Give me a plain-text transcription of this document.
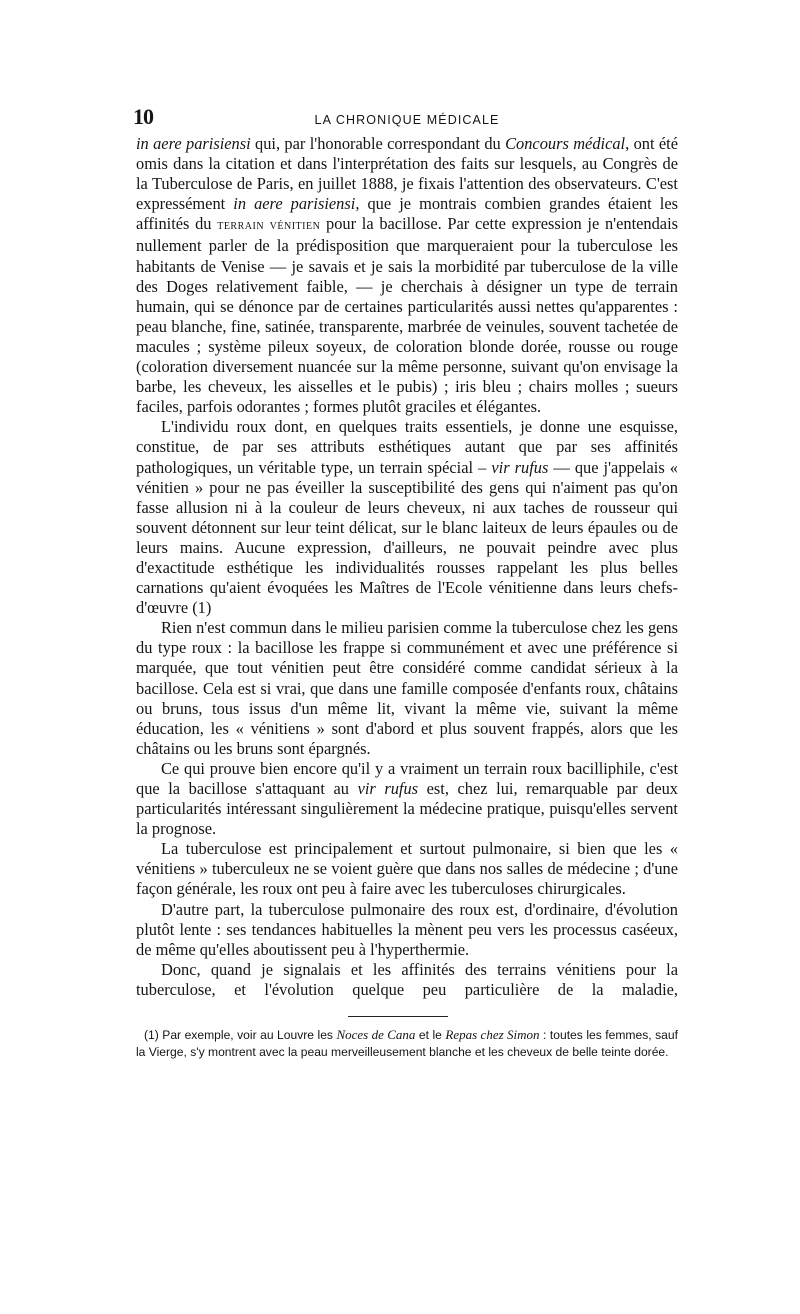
10	LA CHRONIQUE MÉDICALE

in aere parisiensi qui, par l'honorable correspondant du Concours médical, ont été omis dans la citation et dans l'interprétation des faits sur lesquels, au Congrès de la Tuberculose de Paris, en juillet 1888, je fixais l'attention des observateurs. C'est expressément in aere parisiensi, que je montrais combien grandes étaient les affinités du terrain vénitien pour la bacillose. Par cette expression je n'entendais nullement parler de la prédisposition que marqueraient pour la tuberculose les habitants de Venise — je savais et je sais la morbidité par tuberculose de la ville des Doges relativement faible, — je cherchais à désigner un type de terrain humain, qui se dénonce par de certaines particularités aussi nettes qu'apparentes : peau blanche, fine, satinée, transparente, marbrée de veinules, souvent tachetée de macules ; système pileux soyeux, de coloration blonde dorée, rousse ou rouge (coloration diversement nuancée sur la même personne, suivant qu'on envisage la barbe, les cheveux, les aisselles et le pubis) ; iris bleu ; chairs molles ; sueurs faciles, parfois odorantes ; formes plutôt graciles et élégantes.

L'individu roux dont, en quelques traits essentiels, je donne une esquisse, constitue, de par ses attributs esthétiques autant que par ses affinités pathologiques, un véritable type, un terrain spécial – vir rufus — que j'appelais « vénitien » pour ne pas éveiller la susceptibilité des gens qui n'aiment pas qu'on fasse allusion ni à la couleur de leurs cheveux, ni aux taches de rousseur qui souvent détonnent sur leur teint délicat, sur le blanc laiteux de leurs épaules ou de leurs mains. Aucune expression, d'ailleurs, ne pouvait peindre avec plus d'exactitude esthétique les individualités rousses rappelant les plus belles carnations qu'aient évoquées les Maîtres de l'Ecole vénitienne dans leurs chefs-d'œuvre (1)

Rien n'est commun dans le milieu parisien comme la tuberculose chez les gens du type roux : la bacillose les frappe si communément et avec une préférence si marquée, que tout vénitien peut être considéré comme candidat sérieux à la bacillose. Cela est si vrai, que dans une famille composée d'enfants roux, châtains ou bruns, tous issus d'un même lit, vivant la même vie, suivant la même éducation, les « vénitiens » sont d'abord et plus souvent frappés, alors que les châtains ou les bruns sont épargnés.

Ce qui prouve bien encore qu'il y a vraiment un terrain roux bacilliphile, c'est que la bacillose s'attaquant au vir rufus est, chez lui, remarquable par deux particularités intéressant singulièrement la médecine pratique, puisqu'elles servent la prognose.

La tuberculose est principalement et surtout pulmonaire, si bien que les « vénitiens » tuberculeux ne se voient guère que dans nos salles de médecine ; d'une façon générale, les roux ont peu à faire avec les tuberculoses chirurgicales.

D'autre part, la tuberculose pulmonaire des roux est, d'ordinaire, d'évolution plutôt lente : ses tendances habituelles la mènent peu vers les processus caséeux, de même qu'elles aboutissent peu à l'hyperthermie.

Donc, quand je signalais et les affinités des terrains vénitiens pour la tuberculose, et l'évolution quelque peu particulière de la maladie,

(1) Par exemple, voir au Louvre les Noces de Cana et le Repas chez Simon : toutes les femmes, sauf la Vierge, s'y montrent avec la peau merveilleusement blanche et les cheveux de belle teinte dorée.
